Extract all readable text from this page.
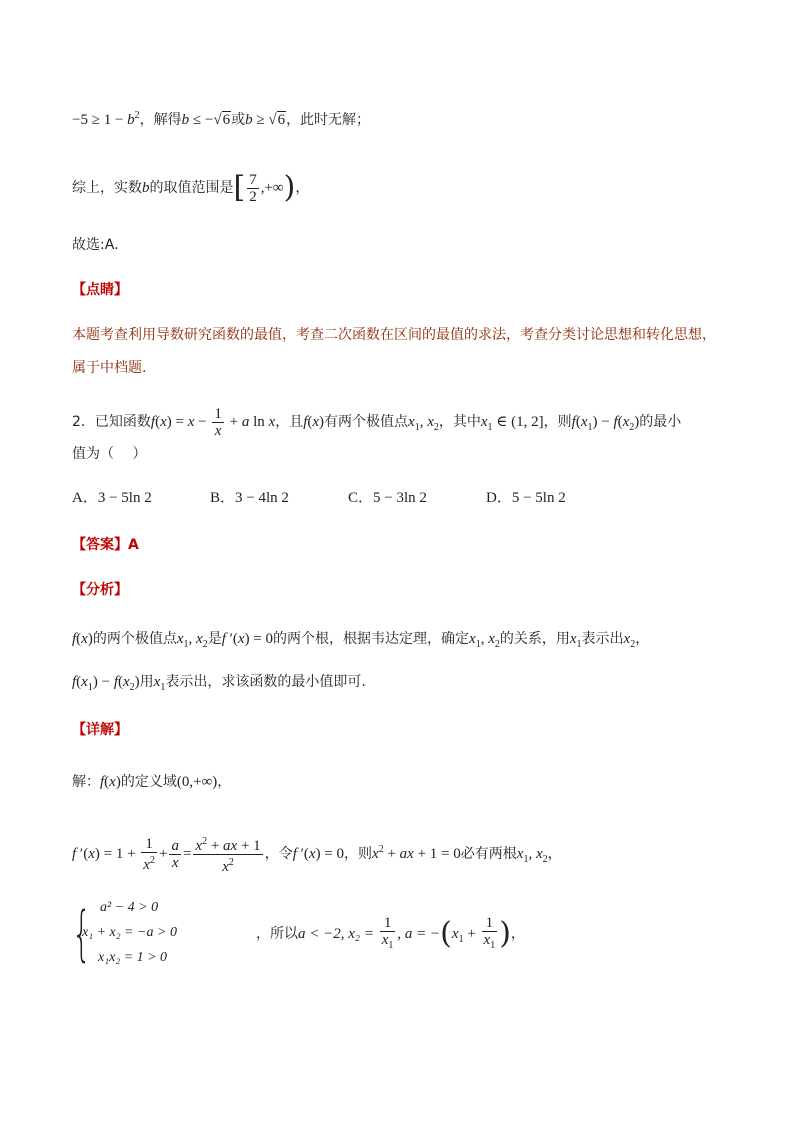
$-5 \ge 1 - b^2$，解得b ≤ −√6或b ≥ √6，此时无解；
综上，实数b的取值范围是[ $\frac{7}{2}$ ,+∞)，
故选:A．
【点睛】
本题考查利用导数研究函数的最值，考查二次函数在区间的最值的求法，考查分类讨论思想和转化思想，
属于中档题.
2．已知函数$f(x) = x - \frac{1}{x} + a$ ln x，且f(x)有两个极值点$x_1$, $x_2$，其中$x_1$ ∈ (1, 2]，则$f(x_1) - f(x_2)$的最小
值为（　 ）
A．3 − 5ln 2	B．3 − 4ln 2	C．5 − 3ln 2	D．5 − 5ln 2
【答案】A
【分析】
f(x)的两个极值点$x_1$, $x_2$是f ′(x) = 0的两个根，根据韦达定理，确定$x_1$, $x_2$的关系，用$x_1$表示出$x_2$，
$f(x_1) - f(x_2)$用$x_1$表示出，求该函数的最小值即可.
【详解】
解：f(x)的定义域(0,+∞)，
f $'(x) = 1 + \frac{1}{x^2} + \frac{a}{x} = \frac{x^2 + ax + 1}{x^2}$ ，令f ′(x) = 0，则$x^2$ + ax + 1 = 0必有两根$x_1$, $x_2$，
{ a² − 4 > 0
x₁ + x₂ = −a > 0
x₁x₂ = 1 > 0
，所以a < −2, $x_2 = \frac{1}{x_1}$ , $a = -(x_1 + \frac{1}{x_1}$ )，
